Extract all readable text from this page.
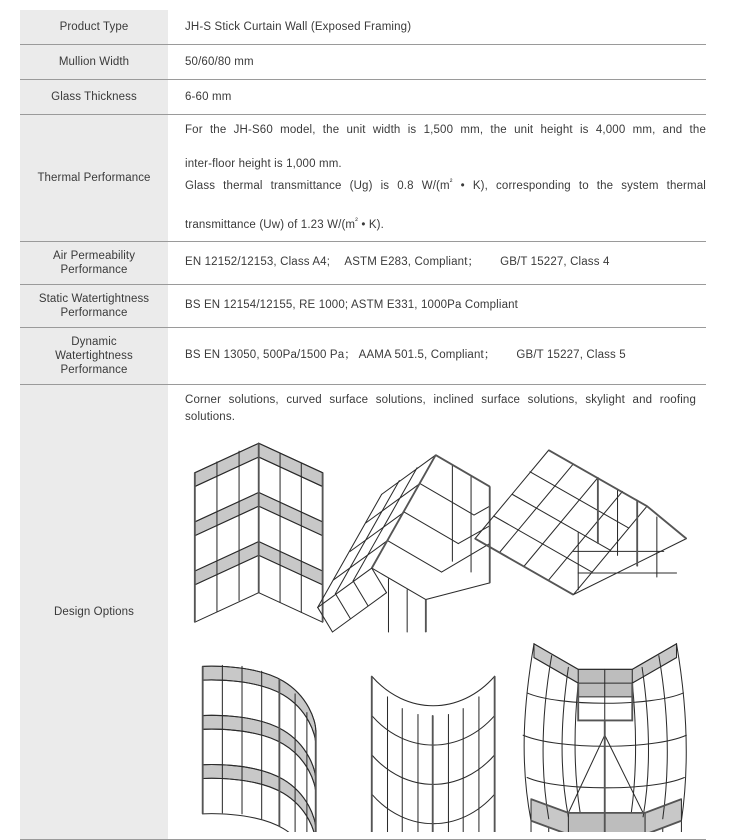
Product Type	JH-S Stick Curtain Wall (Exposed Framing)
Mullion Width	50/60/80 mm
Glass Thickness	6-60 mm
Thermal Performance	For the JH-S60 model, the unit width is 1,500 mm, the unit height is 4,000 mm, and the
inter-floor height is 1,000 mm.
Glass thermal transmittance (Ug) is 0.8 $W/(m^{^2}$ • K), corresponding to the system thermal
transmittance (Uw) of 1.23 $W/(m^{^2}$ • K).

Air Permeability
Performance	EN 12152/12153, Class A4;  ASTM E283, Compliant；   GB/T 15227, Class 4
Static Watertightness
Performance	BS EN 12154/12155, RE 1000; ASTM E331, 1000Pa Compliant
Dynamic
Watertightness
Performance	BS EN 13050, 500Pa/1500 Pa； AAMA 501.5, Compliant；   GB/T 15227, Class 5
Design Options	Corner solutions, curved surface solutions, inclined surface solutions, skylight and roofing solutions.
